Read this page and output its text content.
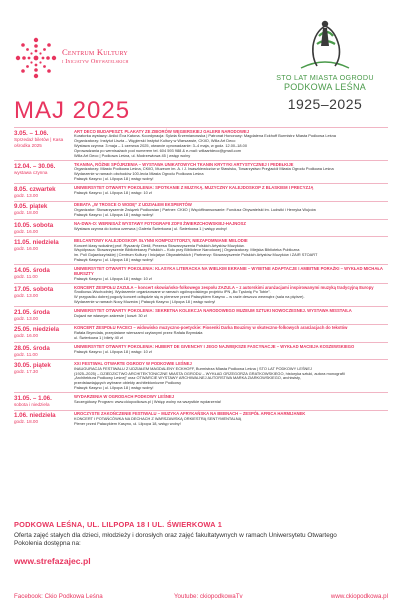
Centrum Kultury
i Inicjatyw Obywatelskich
STO LAT MIASTA OGRODU
PODKOWA LEŚNA
1925–2025
MAJ 2025
3.05. – 1.06.
Sprzedaż biletów | Kasa ośrodka 2025
ART DECO BUDAPESZT. PLAKATY ZE ZBIORÓW WĘGIERSKIEJ GALERII NARODOWEJ
Kuratorka wystawy: Anikó Éva Katona. Koordynacja: Sylwia Krzemianowska | Patronat Honorowy: Magdalena Eckhoff Burmistrz Miasta Podkowa Leśna
Organizatorzy: Instytut Liszta – Węgierski Instytut Kultury w Warszawie, CKiIO, Willa Art Deco
Wystawa czynna: 3 maja – 1 czerwca 2025, otwarcie oprowadzanie: 3–4 maja, w godz. 12.00–18.00
Oprowadzania po wernisażach pod numerem tel. 604 593 988 & e-mail: willaartdeco@gmail.com
Willa Art Deco | Podkowa Leśna, ul. Modrzewiowa 45 | wstęp wolny
12.04. – 30.06.
wystawa czynna
TKANINA, RÓŻNE SPÓJRZENIA – WYSTAWA UNIKATOWYCH TKANIN KRYTYKI ARTYSTYCZNEJ I PEDEŁKIJE
Organizatorzy: Miasto Podkowa Leśna, CKiIO, Muzeum im. A. i J. Iwaszkiewiczów w Stawisku, Towarzystwo Przyjaciół Miasta Ogrodu Podkowa Leśna
Wydarzenie w ramach obchodów 100-lecia Miasta Ogrodu Podkowa Leśna
Pałacyk Kasyno | ul. Lilpopa 18 | wstęp wolny!
8.05. czwartek
godz. 13.00
UNIWERSYTET OTWARTY POKOLENIA: SPOTKANIE Z MUZYKĄ. MUZYCZNY KALEJDOSKOP Z BLASKIEM I PRECYZJĄ
Pałacyk Kasyno | ul. Lilpopa 18 | wstęp: 10 zł
9.05. piątek
godz. 18.00
DEBATA „W TROSCE O WODĘ” Z UDZIAŁEM EKSPERTÓW
Organizator: Stowarzyszenie Związek Podkowian | Partner: CKiIO | Współfinansowanie: Fundusz Obywatelski im. Ludwiki i Henryka Wujców
Pałacyk Kasyno | ul. Lilpopa 18 | wstęp wolny!
10.05. sobota
godz. 16.00
NA-DWA-O: WERNISAŻ WYSTAWY FOTOGRAFII ZOFII ŻWIERZCHOWSKIEJ-HAJNOSZ
Wystawa czynna do końca czerwca | Galeria Świerkowa | ul. Świerkowa 1 | wstęp wolny!
11.05. niedziela
godz. 16.00
BELCANTOWY KALEJDOSKOP. SŁYNNI KOMPOZYTORZY, NIEZAPOMNIANE MELODIE
Koncert klasy wokalnej prof. Ryszardy Cieśli, Prezesa Stowarzyszenia Polskich Artystów Muzyków.
Współpraca: Stowarzyszenie Bibliotekarzy Polskich – Koło przy Bibliotece Narodowej | Organizatorzy: Miejska Biblioteka Publiczna
im. Poli Gojawiczyńskiej | Centrum Kultury i Inicjatyw Obywatelskich | Partnerzy: Stowarzyszenie Polskich Artystów Muzyków i ZAIR STOART
Pałacyk Kasyno | ul. Lilpopa 18 | wstęp wolny!
14.05. środa
godz. 11.00
UNIWERSYTET OTWARTY POKOLENIA: KLASYKA LITERACKA NA WIELKIM EKRANIE – WYBITNE ADAPTACJE I AMBITNE PORAŻKI – WYKŁAD MICHAŁA BURSZTY
Pałacyk Kasyno | ul. Lilpopa 18 | wstęp: 10 zł
17.05. sobota
godz. 13.00
KONCERT ZESPOŁU ZAZULA – koncert skowiańsko-folkowego zespołu ZAZULA – z autorskimi aranżacjami inspirowanymi muzyką tradycyjną Europy
Środkowo-Wschodniej. Wydarzenie organizowane w ramach ogólnopolskiego projektu IPN „Bo Tęsknię Po Tobie”.
W przypadku dobrej pogody koncert odbędzie się w plenerze przed Pałacykiem Kasyno – w razie deszczu wewnątrz (sala na piętrze).
Wydarzenie w ramach Nocy Muzeów | Pałacyk Kasyno | Lilpopa 18 | wstęp wolny!
21.05. środa
godz. 13.00
UNIWERSYTET OTWARTY POKOLENIA: SEKRETNA KOLEKCJA NARODOWEGO MUZEUM SZTUKI NOWOCZESNEJ. WYSTAWA MISSTAILA
Dojazd we własnym zakresie | koszt: 30 zł
25.05. niedziela
godz. 16.00
KONCERT ZESPOŁU FACECI – widowisko muzyczno-poetyckie: Piosenki Darka Bouzimy w skuteczno-folkowych aranżacjach do tekstów
Rafała Brymdała, przeplatane wierszami czytanymi przez Rafała Brymdała
ul. Świerkowa 1 | bilety 40 zł
28.05. środa
godz. 11.00
UNIWERSYTET OTWARTY POKOLENIA: HUBERT DE GIVENCHY I JEGO NAJWIĘKSZE FASCYNACJE – WYKŁAD MACIEJA KOSZEWSKIEGO
Pałacyk Kasyno | ul. Lilpopa 18 | wstęp: 10 zł
30.05. piątek
godz. 17.30
XXI FESTIWAL OTWARTE OGRODY W PODKOWIE LEŚNEJ
INAUGURACJA FESTIWALU Z UDZIAŁEM MAGDALENY ECKHOFF, Burmistrza Miasta Podkowa Leśna | STO LAT PODKOWY LEŚNEJ
(1925–2025) – DZIEDZICTWO ARCHITEKTONICZNE MIASTA OGRODU – WYKŁAD GRZEGORZA GRATKOWSKIEGO, historyka sztuki, autora monografii
„Architektura Podkowy Leśnej” oraz OTWARCIE WYSTAWY ARCHIWALNEJ AUTORSTWA MARKA ZIARKOWSKIEGO, archiwisty,
przedstawiających wybrane obiekty architektoniczne Podkowy
Pałacyk Kasyno | ul. Lilpopa 18 | wstęp wolny!
31.05. – 1.06.
sobota i niedziela
WYDARZENIA W OGRODACH PODKOWY LEŚNEJ
Szczegółowy Program: www.ckiopodkowa.pl | Wstęp wolny na wszystkie wydarzenia!
1.06. niedziela
godz. 18.00
UROCZYSTE ZAKOŃCZENIE FESTIWALU – MUZYKA AFRYKAŃSKA NA BEBNACH – ZESPÓŁ AFRICA HARMIJANEK
KONCERT I POTAŃCÓWKA NA DECHACH Z WARSZAWSKĄ ORKIESTRĄ SENTYMENTALNĄ
Plener przed Pałacykiem Kasyno, ul. Lilpopa 18, wstęp wolny!
PODKOWA LEŚNA, UL. LILPOPA 18 I UL. ŚWIERKOWA 1
Oferta zajęć stałych dla dzieci, młodzieży i dorosłych oraz zajęć fakultatywnych w ramach Uniwersytetu Otwartego Pokolenia dostępna na:
www.strefazajec.pl
Facebook: Ckio Podkowa Leśna	Youtube: ckiopodkowaTv	www.ckiopodkowa.pl
